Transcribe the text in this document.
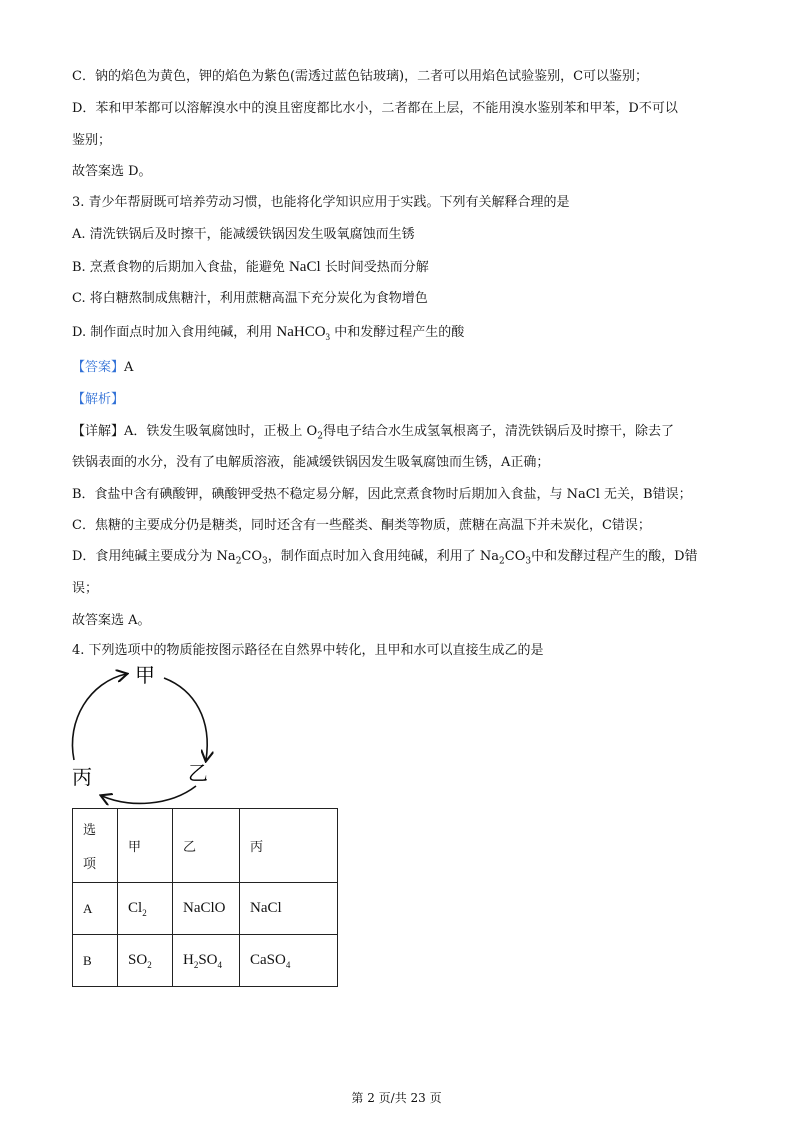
C．钠的焰色为黄色，钾的焰色为紫色(需透过蓝色钴玻璃)，二者可以用焰色试验鉴别，C可以鉴别；
D．苯和甲苯都可以溶解溴水中的溴且密度都比水小，二者都在上层，不能用溴水鉴别苯和甲苯，D不可以
鉴别；
故答案选 D。
3. 青少年帮厨既可培养劳动习惯，也能将化学知识应用于实践。下列有关解释合理的是
A. 清洗铁锅后及时擦干，能减缓铁锅因发生吸氧腐蚀而生锈
B. 烹煮食物的后期加入食盐，能避免 NaCl 长时间受热而分解
C. 将白糖熬制成焦糖汁，利用蔗糖高温下充分炭化为食物增色
D. 制作面点时加入食用纯碱，利用 NaHCO$_3$ 中和发酵过程产生的酸
【答案】A
【解析】
【详解】A．铁发生吸氧腐蚀时，正极上 $O_2$得电子结合水生成氢氧根离子，清洗铁锅后及时擦干，除去了
铁锅表面的水分，没有了电解质溶液，能减缓铁锅因发生吸氧腐蚀而生锈，A正确；
B．食盐中含有碘酸钾，碘酸钾受热不稳定易分解，因此烹煮食物时后期加入食盐，与 NaCl 无关，B错误；
C．焦糖的主要成分仍是糖类，同时还含有一些醛类、酮类等物质，蔗糖在高温下并未炭化，C错误；
D．食用纯碱主要成分为 $Na_2CO_3$，制作面点时加入食用纯碱，利用了 $Na_2CO_3$中和发酵过程产生的酸，D错
误；
故答案选 A。
4. 下列选项中的物质能按图示路径在自然界中转化，且甲和水可以直接生成乙的是
甲
乙
丙
选

项	甲	乙	丙
A	$Cl_2$	NaClO	NaCl
B	$SO_2$	$H_2SO_4$	CaSO$_4$
第 2 页/共 23 页
